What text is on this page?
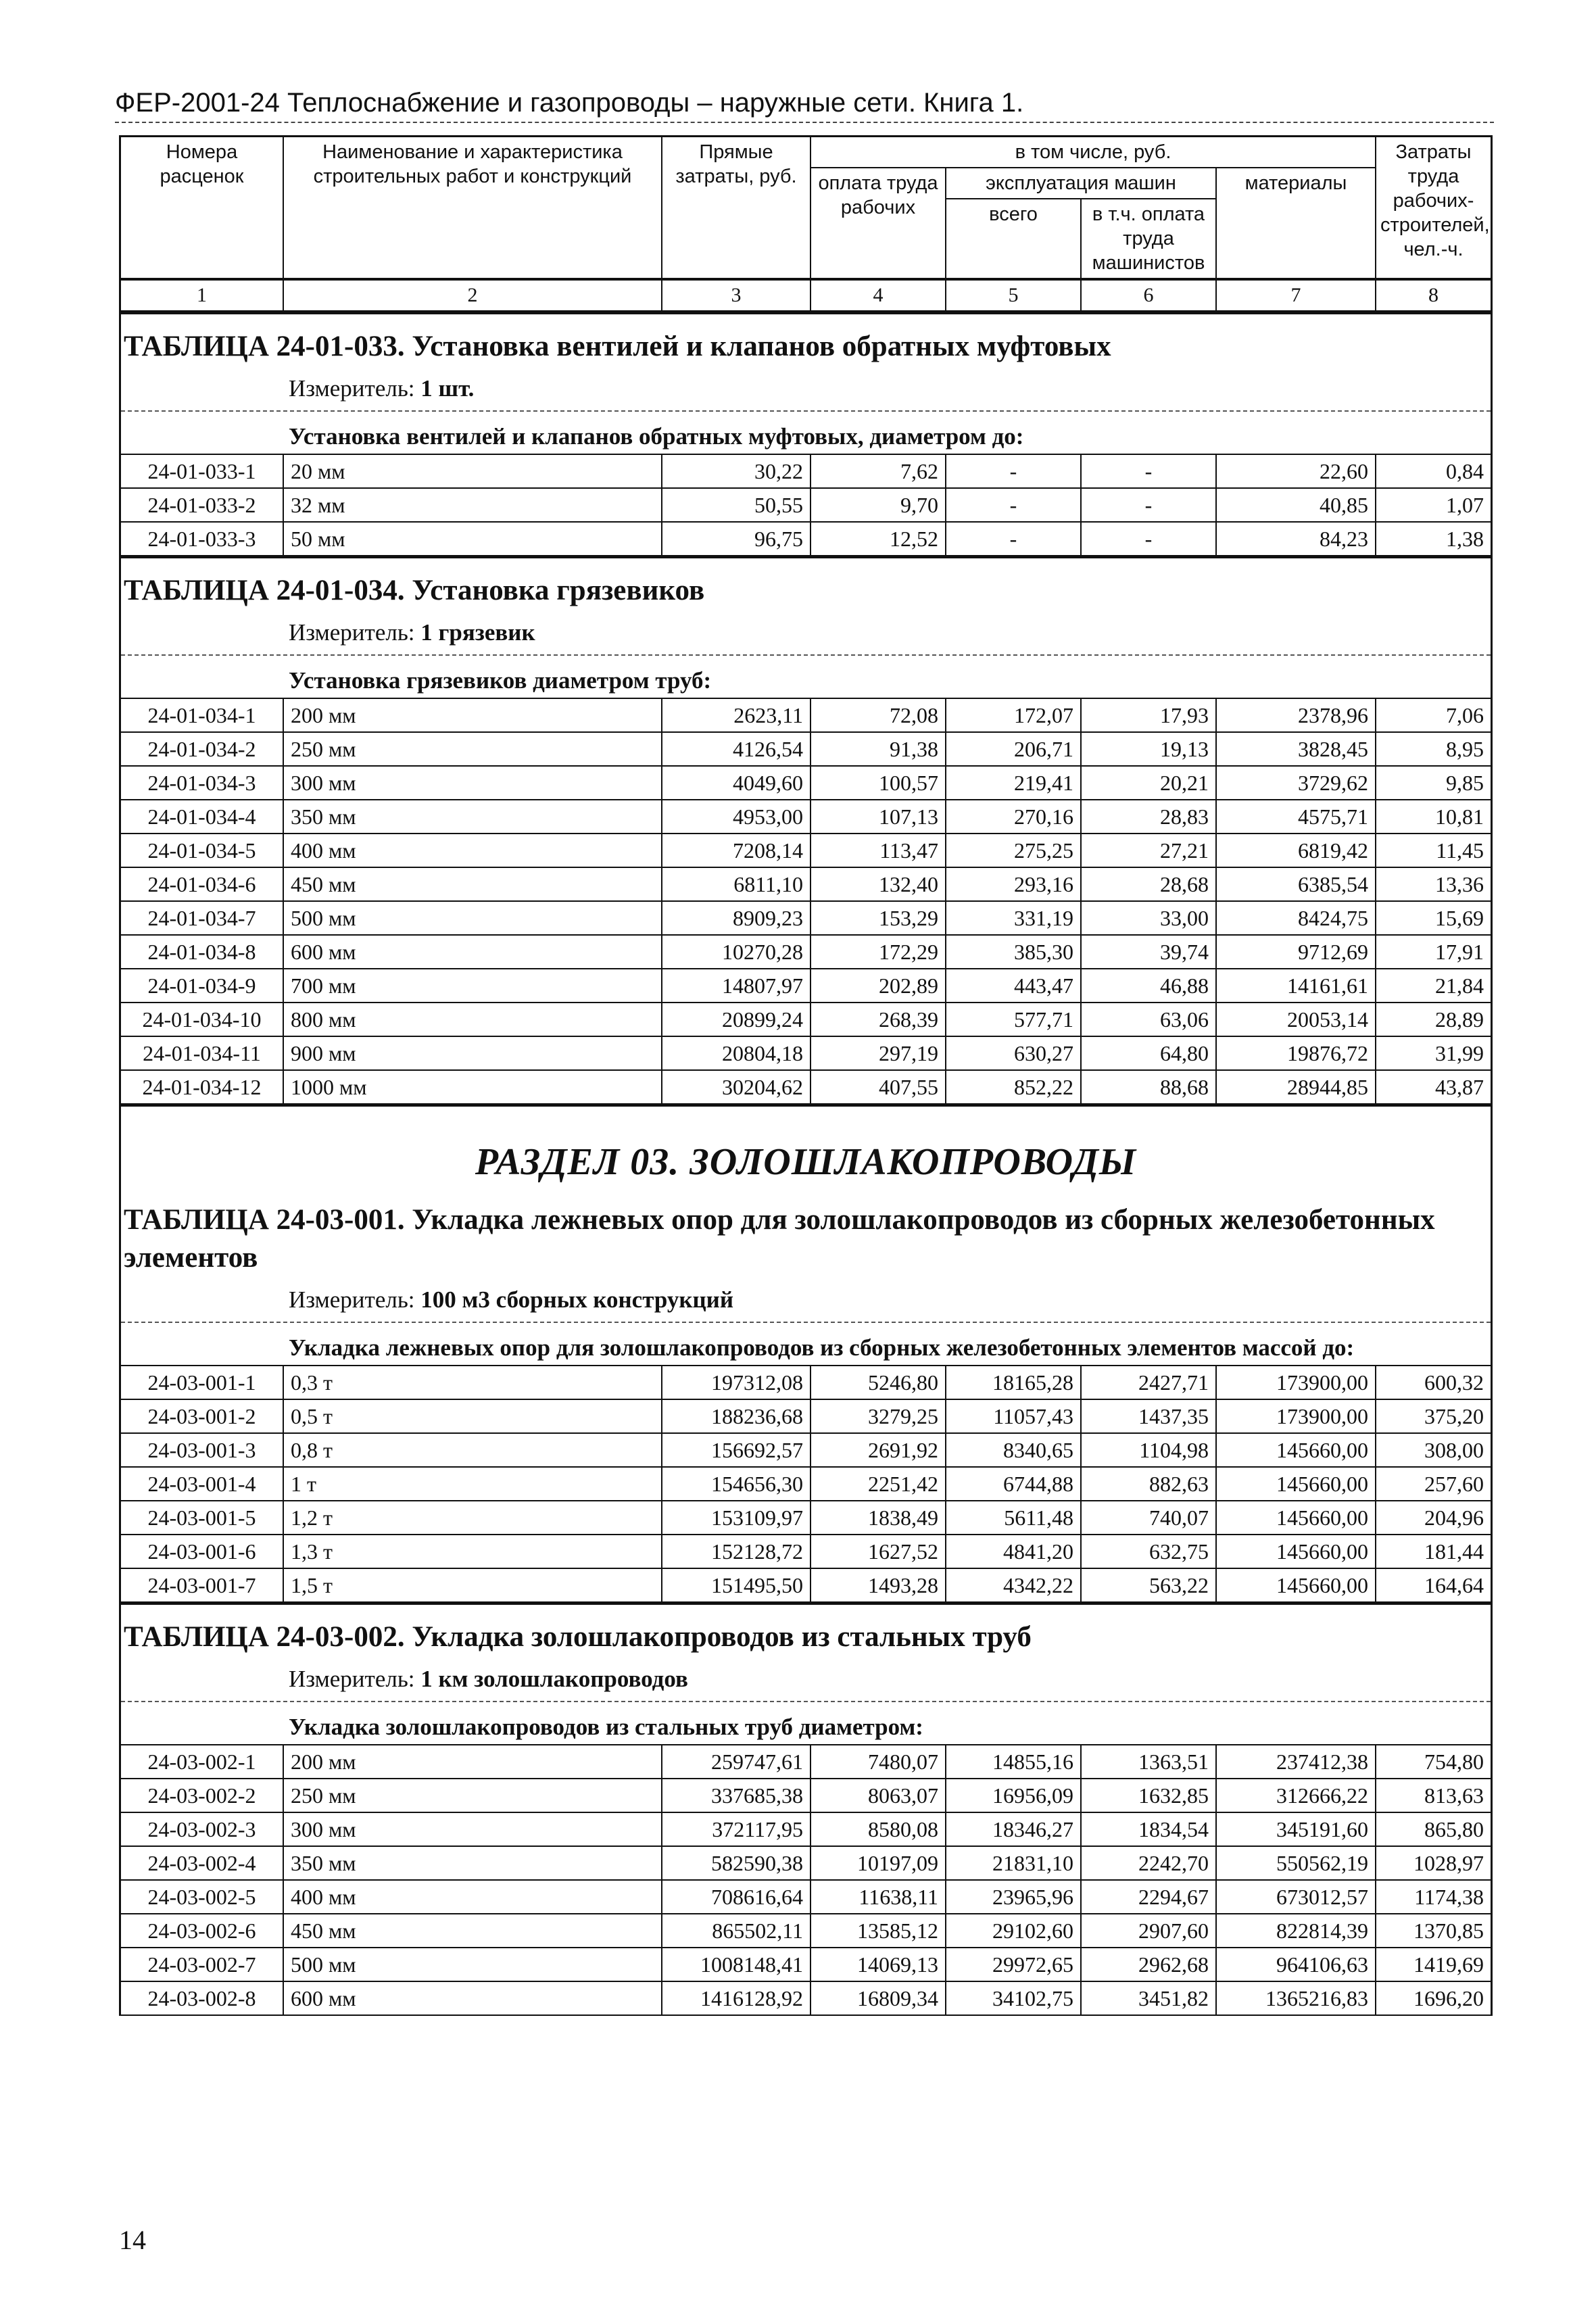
ФЕР-2001-24 Теплоснабжение и газопроводы – наружные сети. Книга 1.
Номера расценок	Наименование и характеристика строительных работ и конструкций	Прямые затраты, руб.	в том числе, руб.				Затраты труда рабочих-строителей, чел.-ч.
			оплата труда рабочих	эксплуатация машин		материалы	
				всего	в т.ч. оплата труда машинистов		
1	2	3	4	5	6	7	8
ТАБЛИЦА 24-01-033. Установка вентилей и клапанов обратных муфтовых
Измеритель: 1 шт.
Установка вентилей и клапанов обратных муфтовых, диаметром до:
24-01-033-1	20 мм	30,22	7,62	-	-	22,60	0,84
24-01-033-2	32 мм	50,55	9,70	-	-	40,85	1,07
24-01-033-3	50 мм	96,75	12,52	-	-	84,23	1,38
ТАБЛИЦА 24-01-034. Установка грязевиков
Измеритель: 1 грязевик
Установка грязевиков диаметром труб:
24-01-034-1	200 мм	2623,11	72,08	172,07	17,93	2378,96	7,06
24-01-034-2	250 мм	4126,54	91,38	206,71	19,13	3828,45	8,95
24-01-034-3	300 мм	4049,60	100,57	219,41	20,21	3729,62	9,85
24-01-034-4	350 мм	4953,00	107,13	270,16	28,83	4575,71	10,81
24-01-034-5	400 мм	7208,14	113,47	275,25	27,21	6819,42	11,45
24-01-034-6	450 мм	6811,10	132,40	293,16	28,68	6385,54	13,36
24-01-034-7	500 мм	8909,23	153,29	331,19	33,00	8424,75	15,69
24-01-034-8	600 мм	10270,28	172,29	385,30	39,74	9712,69	17,91
24-01-034-9	700 мм	14807,97	202,89	443,47	46,88	14161,61	21,84
24-01-034-10	800 мм	20899,24	268,39	577,71	63,06	20053,14	28,89
24-01-034-11	900 мм	20804,18	297,19	630,27	64,80	19876,72	31,99
24-01-034-12	1000 мм	30204,62	407,55	852,22	88,68	28944,85	43,87
РАЗДЕЛ 03. ЗОЛОШЛАКОПРОВОДЫ
ТАБЛИЦА 24-03-001. Укладка лежневых опор для золошлакопроводов из сборных железобетонных элементов
Измеритель: 100 м3 сборных конструкций
Укладка лежневых опор для золошлакопроводов из сборных железобетонных элементов массой до:
24-03-001-1	0,3 т	197312,08	5246,80	18165,28	2427,71	173900,00	600,32
24-03-001-2	0,5 т	188236,68	3279,25	11057,43	1437,35	173900,00	375,20
24-03-001-3	0,8 т	156692,57	2691,92	8340,65	1104,98	145660,00	308,00
24-03-001-4	1 т	154656,30	2251,42	6744,88	882,63	145660,00	257,60
24-03-001-5	1,2 т	153109,97	1838,49	5611,48	740,07	145660,00	204,96
24-03-001-6	1,3 т	152128,72	1627,52	4841,20	632,75	145660,00	181,44
24-03-001-7	1,5 т	151495,50	1493,28	4342,22	563,22	145660,00	164,64
ТАБЛИЦА 24-03-002. Укладка золошлакопроводов из стальных труб
Измеритель: 1 км золошлакопроводов
Укладка золошлакопроводов из стальных труб диаметром:
24-03-002-1	200 мм	259747,61	7480,07	14855,16	1363,51	237412,38	754,80
24-03-002-2	250 мм	337685,38	8063,07	16956,09	1632,85	312666,22	813,63
24-03-002-3	300 мм	372117,95	8580,08	18346,27	1834,54	345191,60	865,80
24-03-002-4	350 мм	582590,38	10197,09	21831,10	2242,70	550562,19	1028,97
24-03-002-5	400 мм	708616,64	11638,11	23965,96	2294,67	673012,57	1174,38
24-03-002-6	450 мм	865502,11	13585,12	29102,60	2907,60	822814,39	1370,85
24-03-002-7	500 мм	1008148,41	14069,13	29972,65	2962,68	964106,63	1419,69
24-03-002-8	600 мм	1416128,92	16809,34	34102,75	3451,82	1365216,83	1696,20
14
